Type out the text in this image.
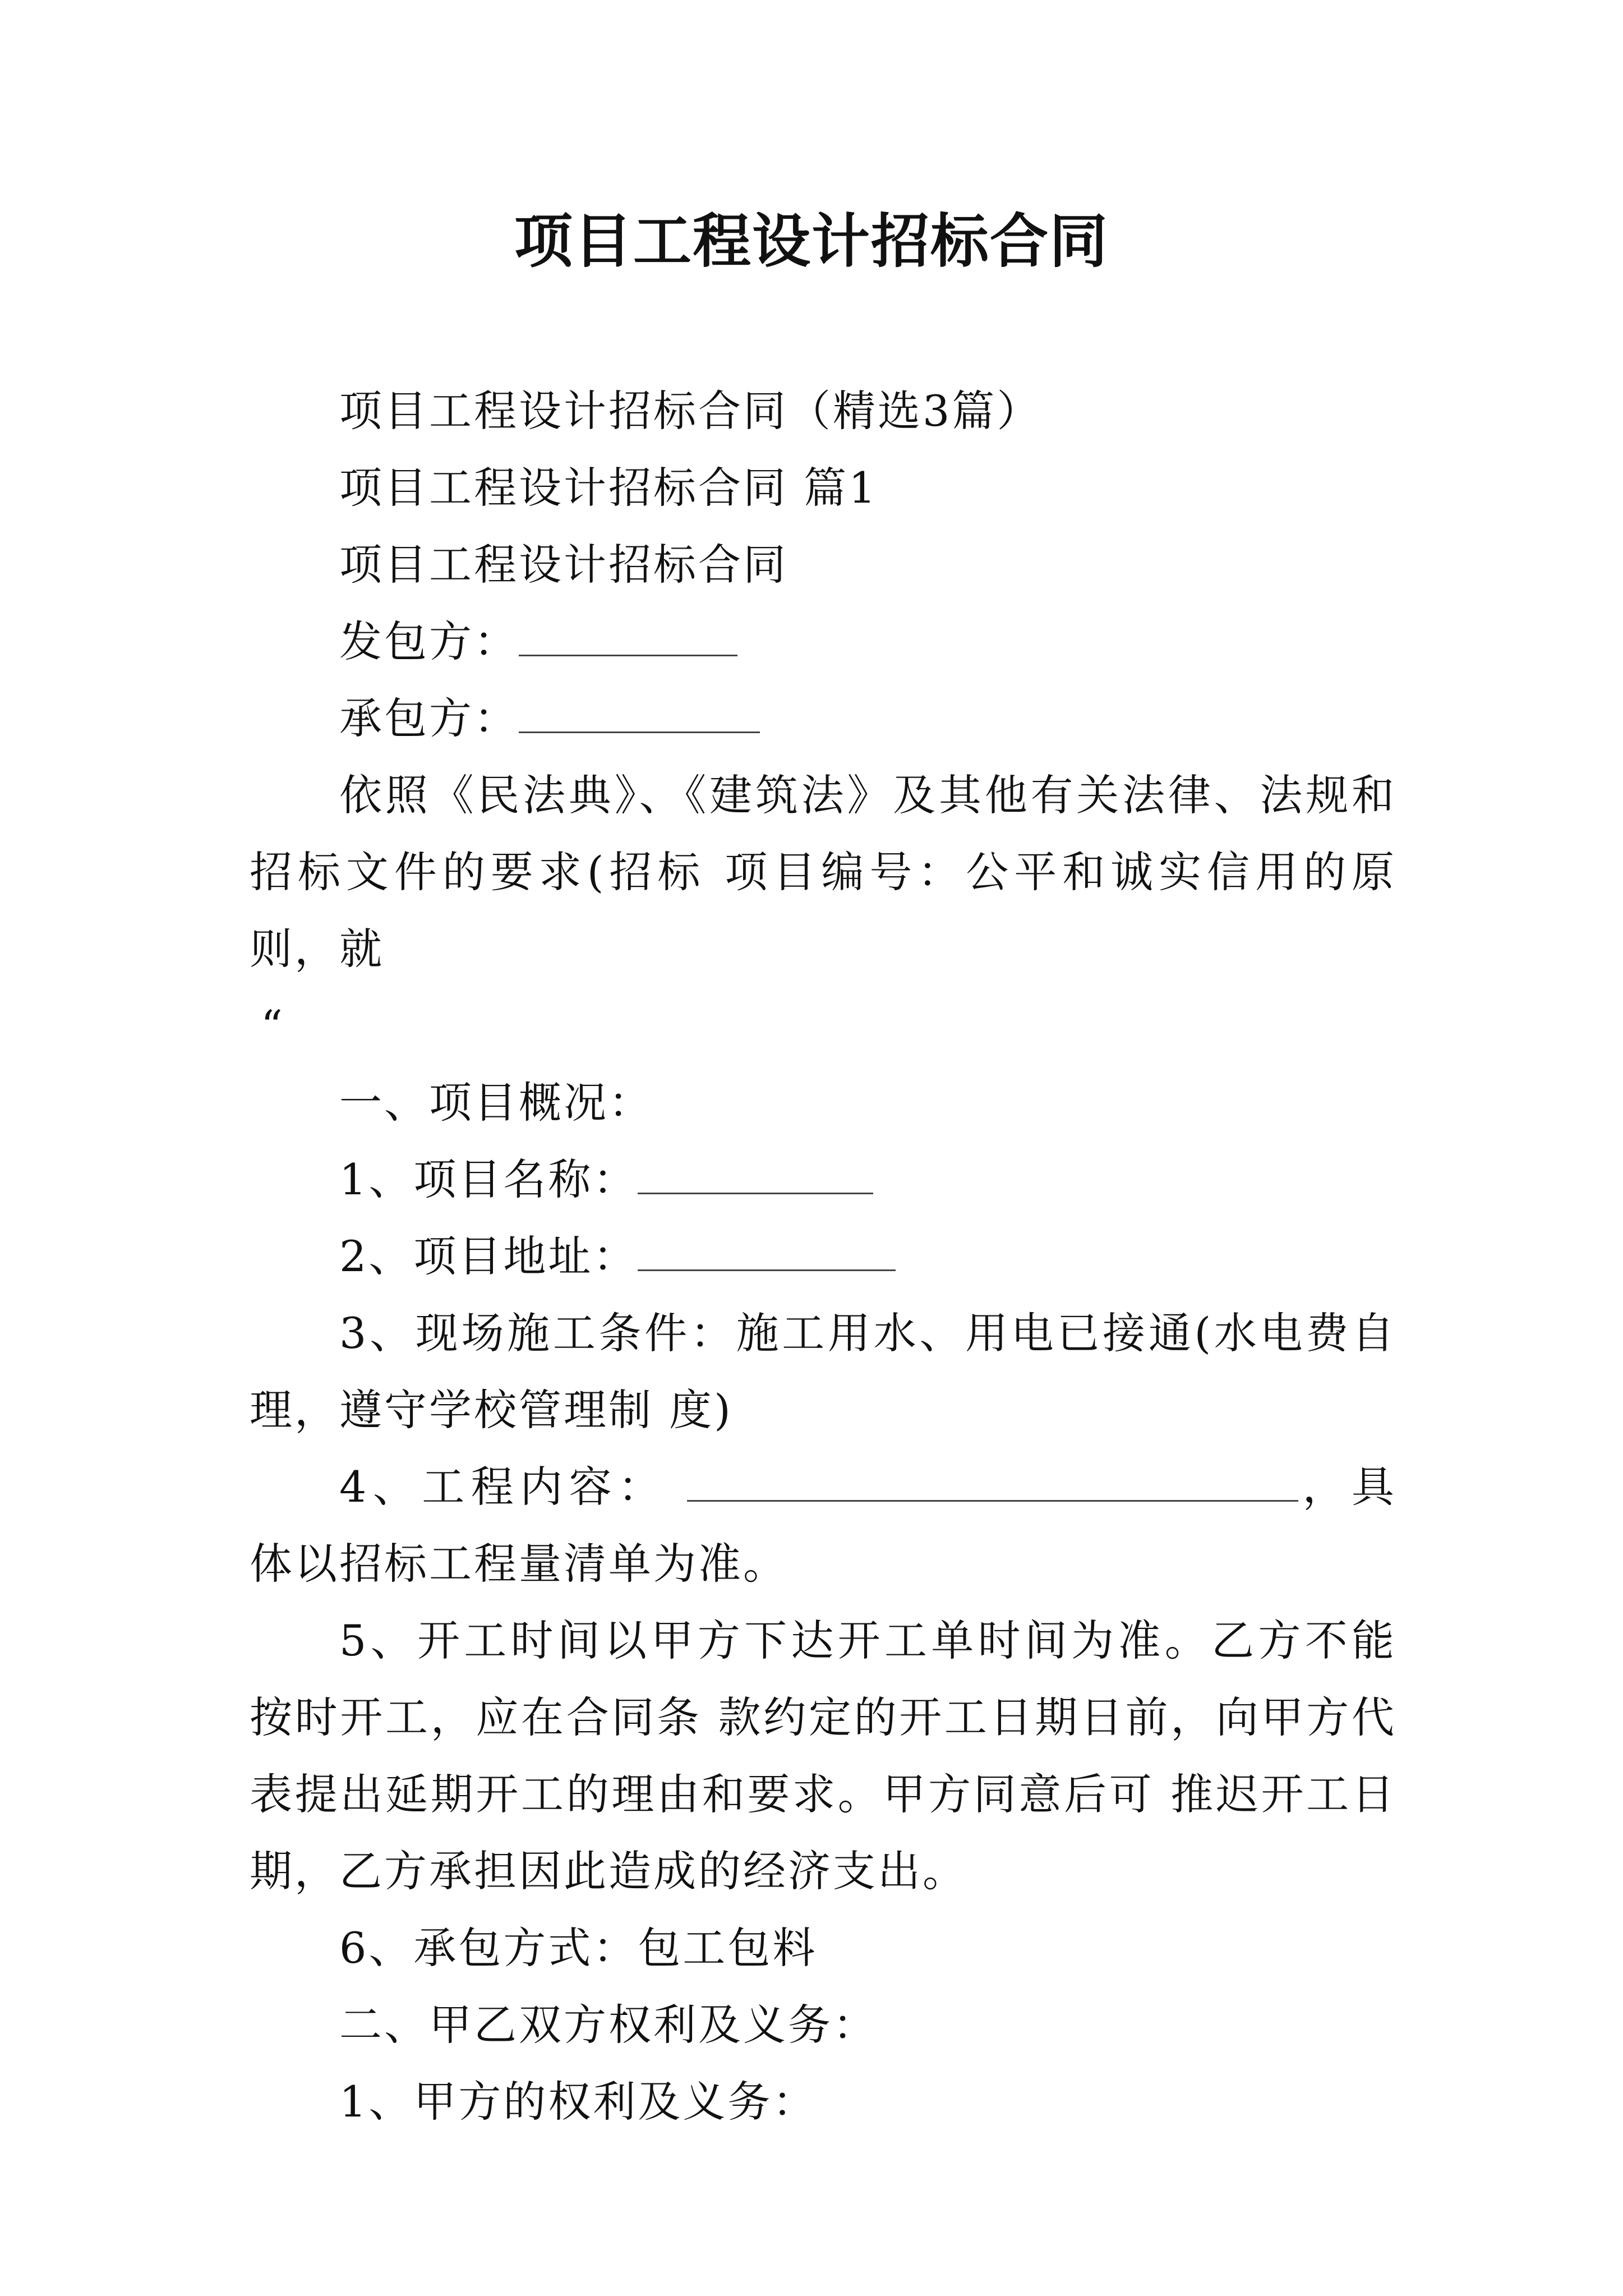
项目工程设计招标合同

项目工程设计招标合同（精选3篇）

项目工程设计招标合同 篇1

项目工程设计招标合同

发包方：

承包方：

依照《民法典》、《建筑法》及其他有关法律、法规和招标文件的要求(招标 项目编号：公平和诚实信用的原则，就

“

一、项目概况：

1、项目名称：

2、项目地址：

3、现场施工条件：施工用水、用电已接通(水电费自理，遵守学校管理制 度)

4、工程内容：	，具体以招标工程量清单为准。

5、开工时间以甲方下达开工单时间为准。乙方不能按时开工，应在合同条 款约定的开工日期日前，向甲方代表提出延期开工的理由和要求。甲方同意后可 推迟开工日期，乙方承担因此造成的经济支出。

6、承包方式：包工包料

二、甲乙双方权利及义务：

1、甲方的权利及义务：
